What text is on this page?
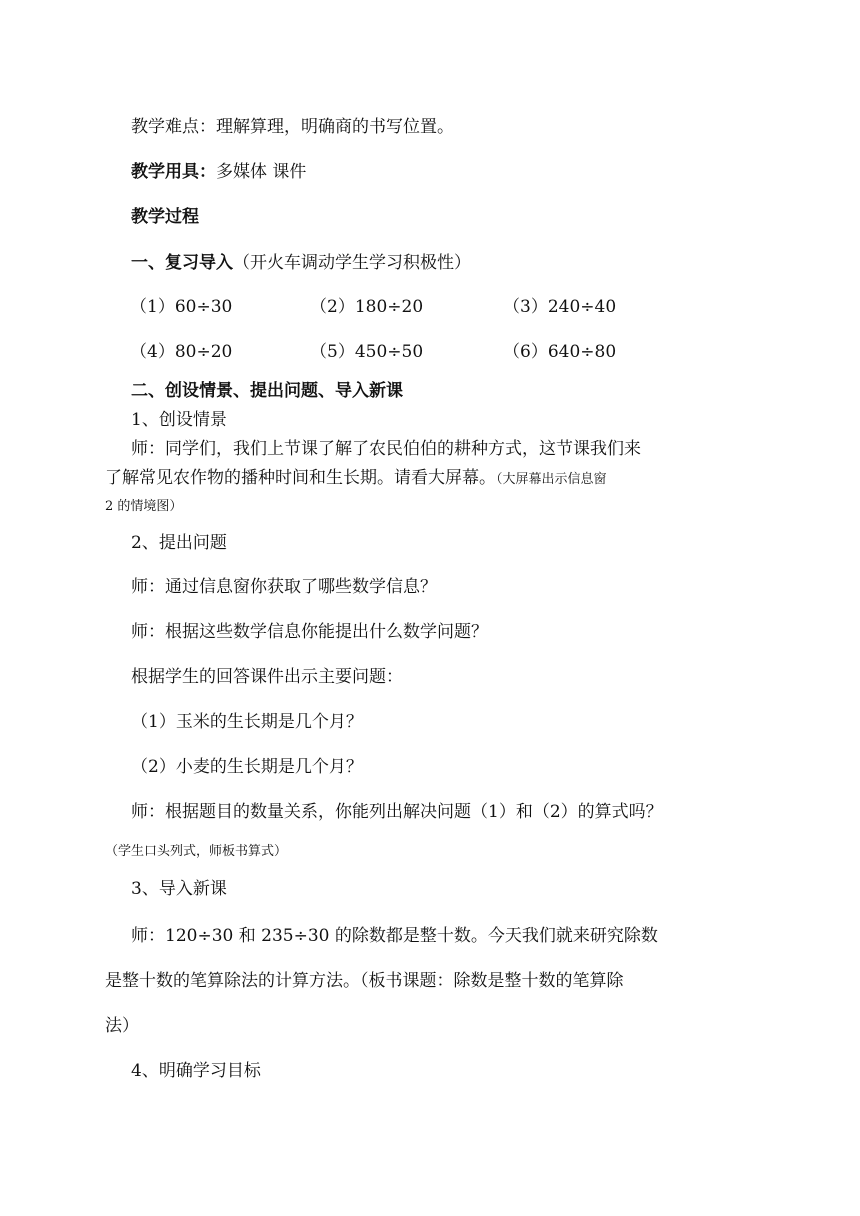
教学难点：理解算理，明确商的书写位置。
教学用具：多媒体 课件
教学过程
一、复习导入（开火车调动学生学习积极性）
（1）60÷30	（2）180÷20	（3）240÷40
（4）80÷20	（5）450÷50	（6）640÷80
二、创设情景、提出问题、导入新课
1、创设情景
师：同学们，我们上节课了解了农民伯伯的耕种方式，这节课我们来
了解常见农作物的播种时间和生长期。请看大屏幕。（大屏幕出示信息窗
2 的情境图）
2、提出问题
师：通过信息窗你获取了哪些数学信息？
师：根据这些数学信息你能提出什么数学问题？
根据学生的回答课件出示主要问题：
（1）玉米的生长期是几个月？
（2）小麦的生长期是几个月？
师：根据题目的数量关系，你能列出解决问题（1）和（2）的算式吗？
（学生口头列式，师板书算式）
3、导入新课
师：120÷30 和 235÷30 的除数都是整十数。今天我们就来研究除数
是整十数的笔算除法的计算方法。（板书课题：除数是整十数的笔算除
法）
4、明确学习目标
